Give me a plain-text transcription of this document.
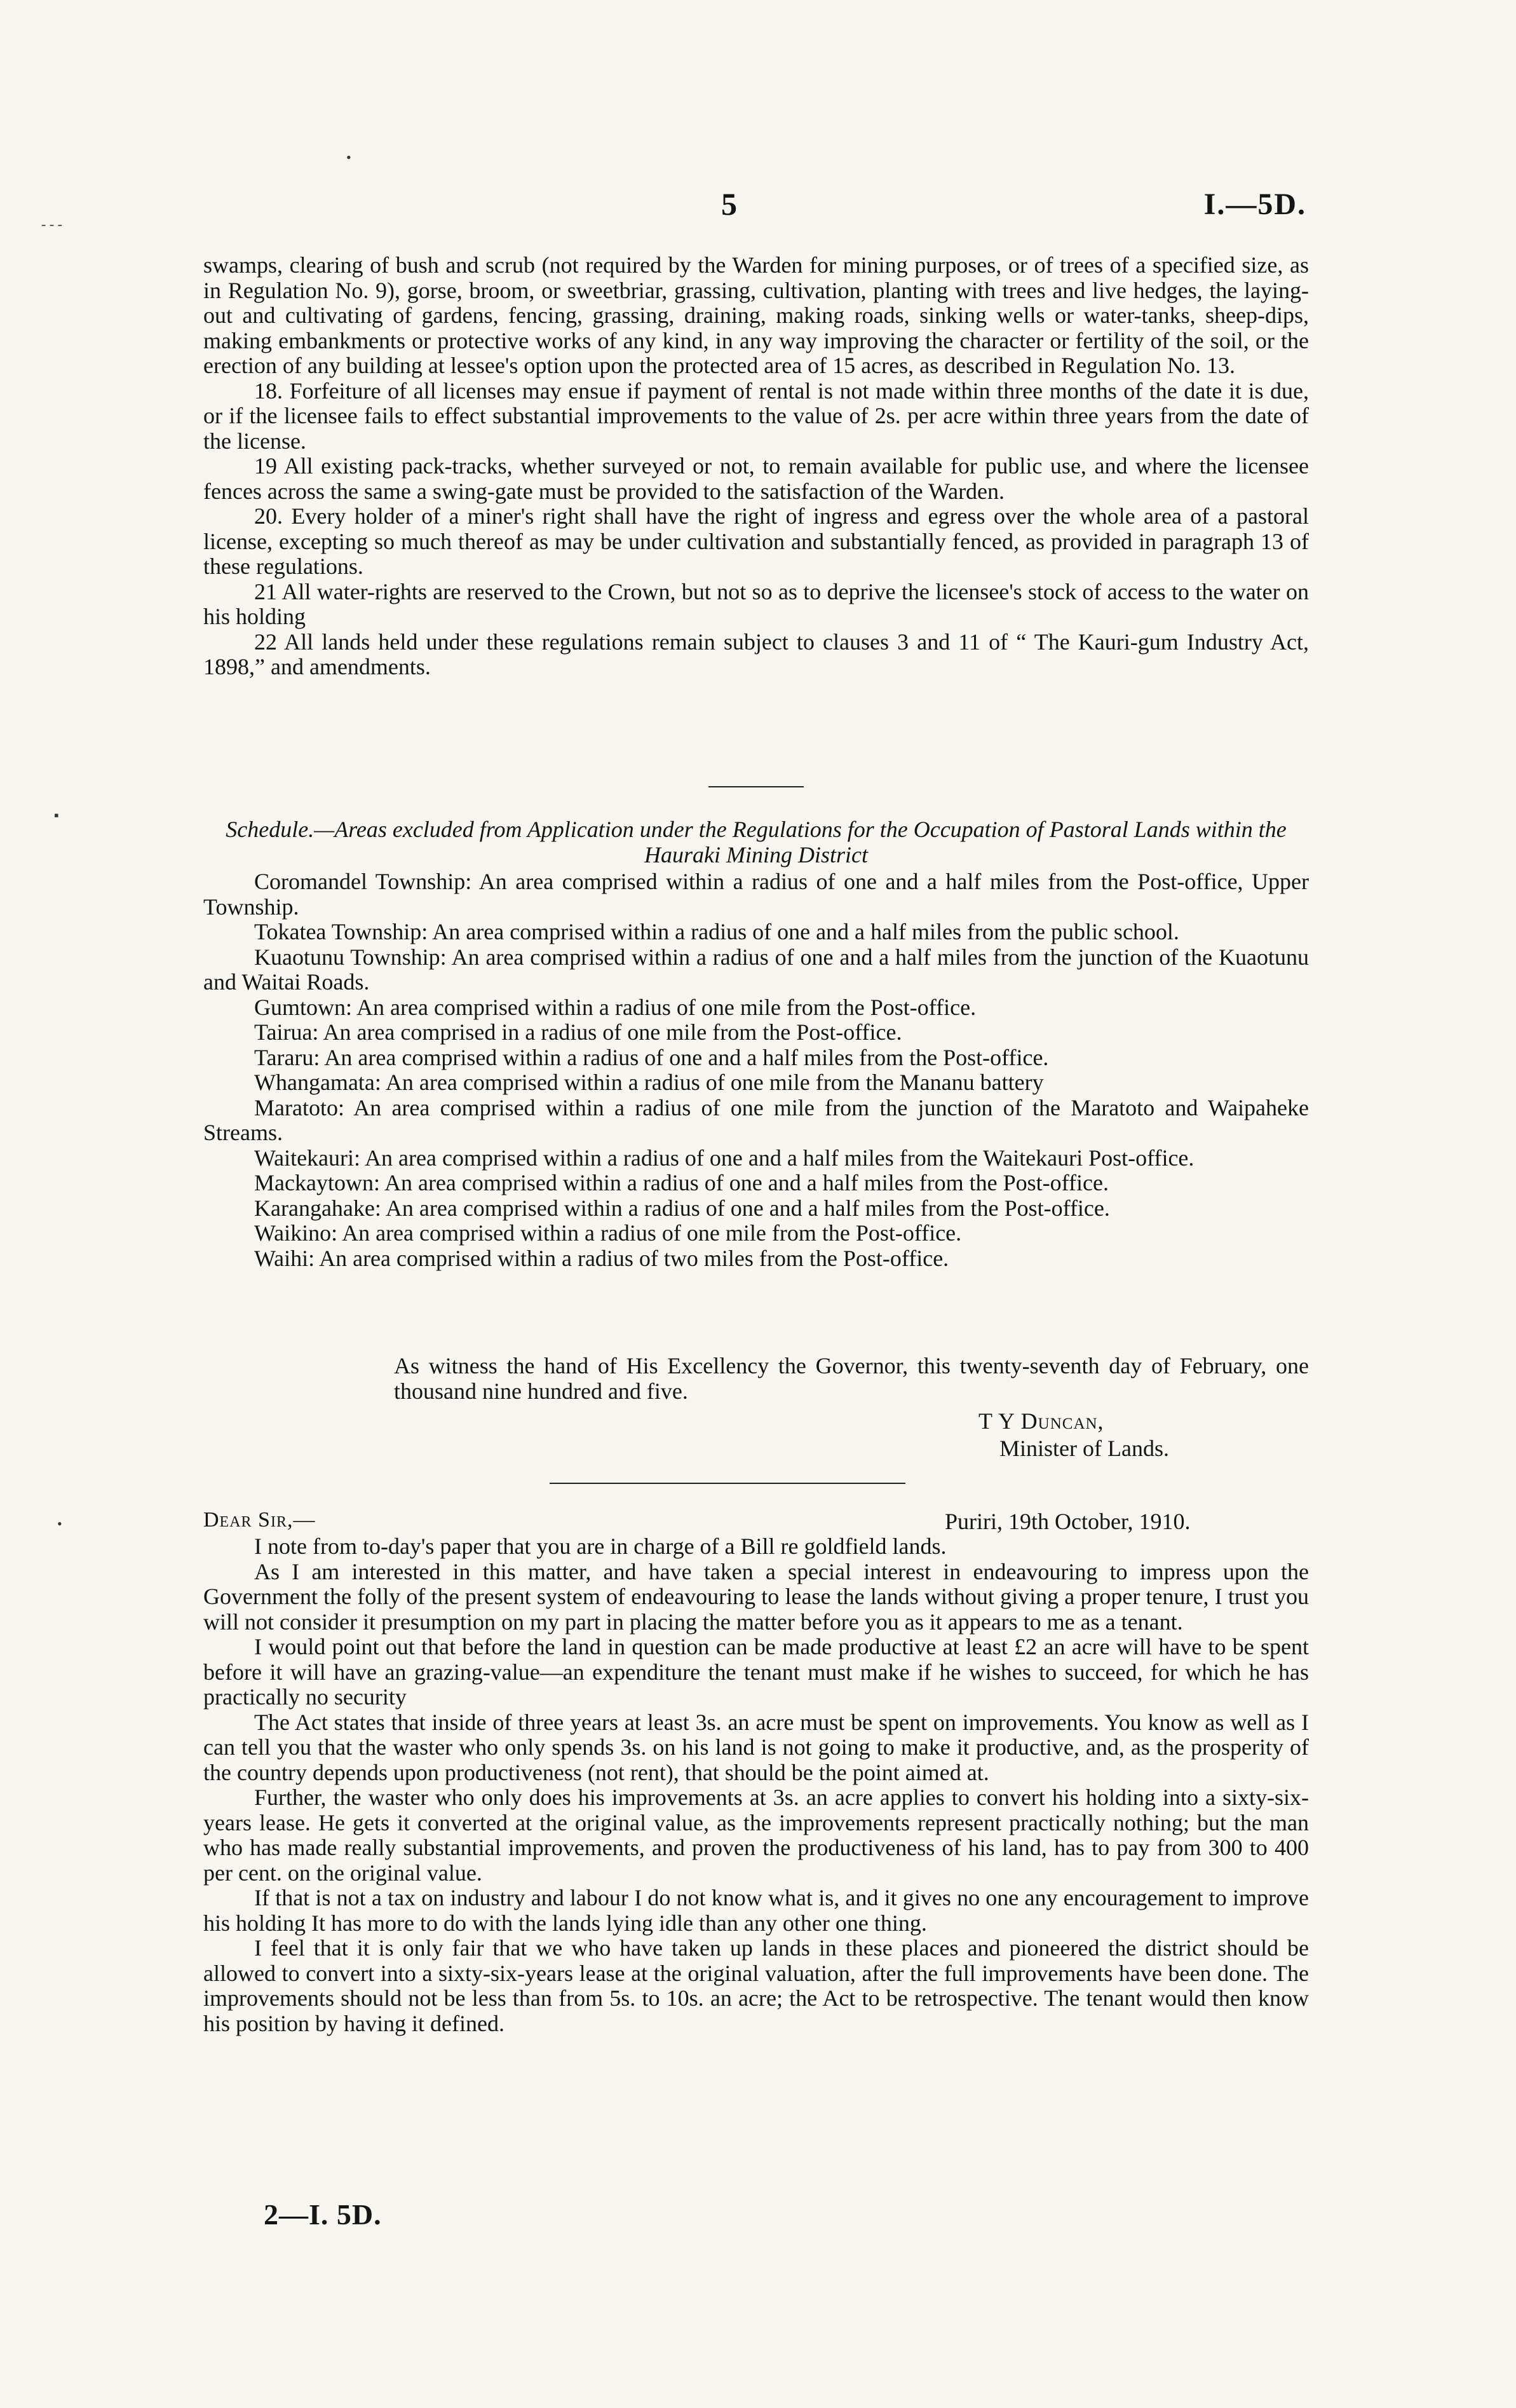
5	I.—5D.
•
- - -
▪
•

swamps, clearing of bush and scrub (not required by the Warden for mining purposes, or of trees of a specified size, as in Regulation No. 9), gorse, broom, or sweetbriar, grassing, cultivation, planting with trees and live hedges, the laying-out and cultivating of gardens, fencing, grassing, draining, making roads, sinking wells or water-tanks, sheep-dips, making embankments or protective works of any kind, in any way improving the character or fertility of the soil, or the erection of any building at lessee's option upon the protected area of 15 acres, as described in Regulation No. 13.

18. Forfeiture of all licenses may ensue if payment of rental is not made within three months of the date it is due, or if the licensee fails to effect substantial improvements to the value of 2s. per acre within three years from the date of the license.

19 All existing pack-tracks, whether surveyed or not, to remain available for public use, and where the licensee fences across the same a swing-gate must be provided to the satisfaction of the Warden.

20. Every holder of a miner's right shall have the right of ingress and egress over the whole area of a pastoral license, excepting so much thereof as may be under cultivation and substantially fenced, as provided in paragraph 13 of these regulations.

21 All water-rights are reserved to the Crown, but not so as to deprive the licensee's stock of access to the water on his holding

22 All lands held under these regulations remain subject to clauses 3 and 11 of “ The Kauri-gum Industry Act, 1898,” and amendments.

Schedule.—Areas excluded from Application under the Regulations for the Occupation of Pastoral Lands within the Hauraki Mining District

Coromandel Township: An area comprised within a radius of one and a half miles from the Post-office, Upper Township.

Tokatea Township: An area comprised within a radius of one and a half miles from the public school.

Kuaotunu Township: An area comprised within a radius of one and a half miles from the junction of the Kuaotunu and Waitai Roads.

Gumtown: An area comprised within a radius of one mile from the Post-office.

Tairua: An area comprised in a radius of one mile from the Post-office.

Tararu: An area comprised within a radius of one and a half miles from the Post-office.

Whangamata: An area comprised within a radius of one mile from the Mananu battery

Maratoto: An area comprised within a radius of one mile from the junction of the Maratoto and Waipaheke Streams.

Waitekauri: An area comprised within a radius of one and a half miles from the Waitekauri Post-office.

Mackaytown: An area comprised within a radius of one and a half miles from the Post-office.

Karangahake: An area comprised within a radius of one and a half miles from the Post-office.

Waikino: An area comprised within a radius of one mile from the Post-office.

Waihi: An area comprised within a radius of two miles from the Post-office.

As witness the hand of His Excellency the Governor, this twenty-seventh day of February, one thousand nine hundred and five.
T Y Duncan,
Minister of Lands.
Dear Sir,—	Puriri, 19th October, 1910.

I note from to-day's paper that you are in charge of a Bill re goldfield lands.

As I am interested in this matter, and have taken a special interest in endeavouring to impress upon the Government the folly of the present system of endeavouring to lease the lands without giving a proper tenure, I trust you will not consider it presumption on my part in placing the matter before you as it appears to me as a tenant.

I would point out that before the land in question can be made productive at least £2 an acre will have to be spent before it will have an grazing-value—an expenditure the tenant must make if he wishes to succeed, for which he has practically no security

The Act states that inside of three years at least 3s. an acre must be spent on improvements. You know as well as I can tell you that the waster who only spends 3s. on his land is not going to make it productive, and, as the prosperity of the country depends upon productiveness (not rent), that should be the point aimed at.

Further, the waster who only does his improvements at 3s. an acre applies to convert his holding into a sixty-six-years lease. He gets it converted at the original value, as the improvements represent practically nothing; but the man who has made really substantial improvements, and proven the productiveness of his land, has to pay from 300 to 400 per cent. on the original value.

If that is not a tax on industry and labour I do not know what is, and it gives no one any encouragement to improve his holding It has more to do with the lands lying idle than any other one thing.

I feel that it is only fair that we who have taken up lands in these places and pioneered the district should be allowed to convert into a sixty-six-years lease at the original valuation, after the full improvements have been done. The improvements should not be less than from 5s. to 10s. an acre; the Act to be retrospective. The tenant would then know his position by having it defined.

2—I. 5D.
